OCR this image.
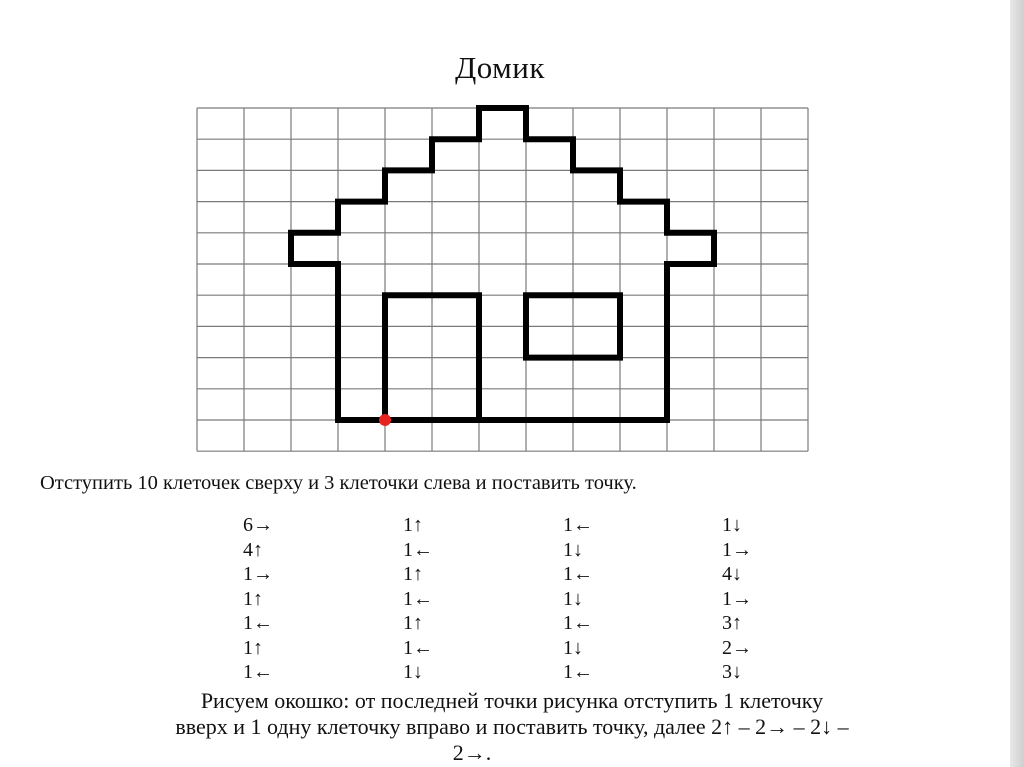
Домик
Отступить 10 клеточек сверху и 3 клеточки слева и поставить точку.
6→	1↑	1←	1↓
4↑	1←	1↓	1→
1→	1↑	1←	4↓
1↑	1←	1↓	1→
1←	1↑	1←	3↑
1↑	1←	1↓	2→
1←	1↓	1←	3↓
Рисуем окошко: от последней точки рисунка отступить 1 клеточку
вверх и 1 одну клеточку вправо и поставить точку, далее 2↑ – 2→ – 2↓ –
2→.
